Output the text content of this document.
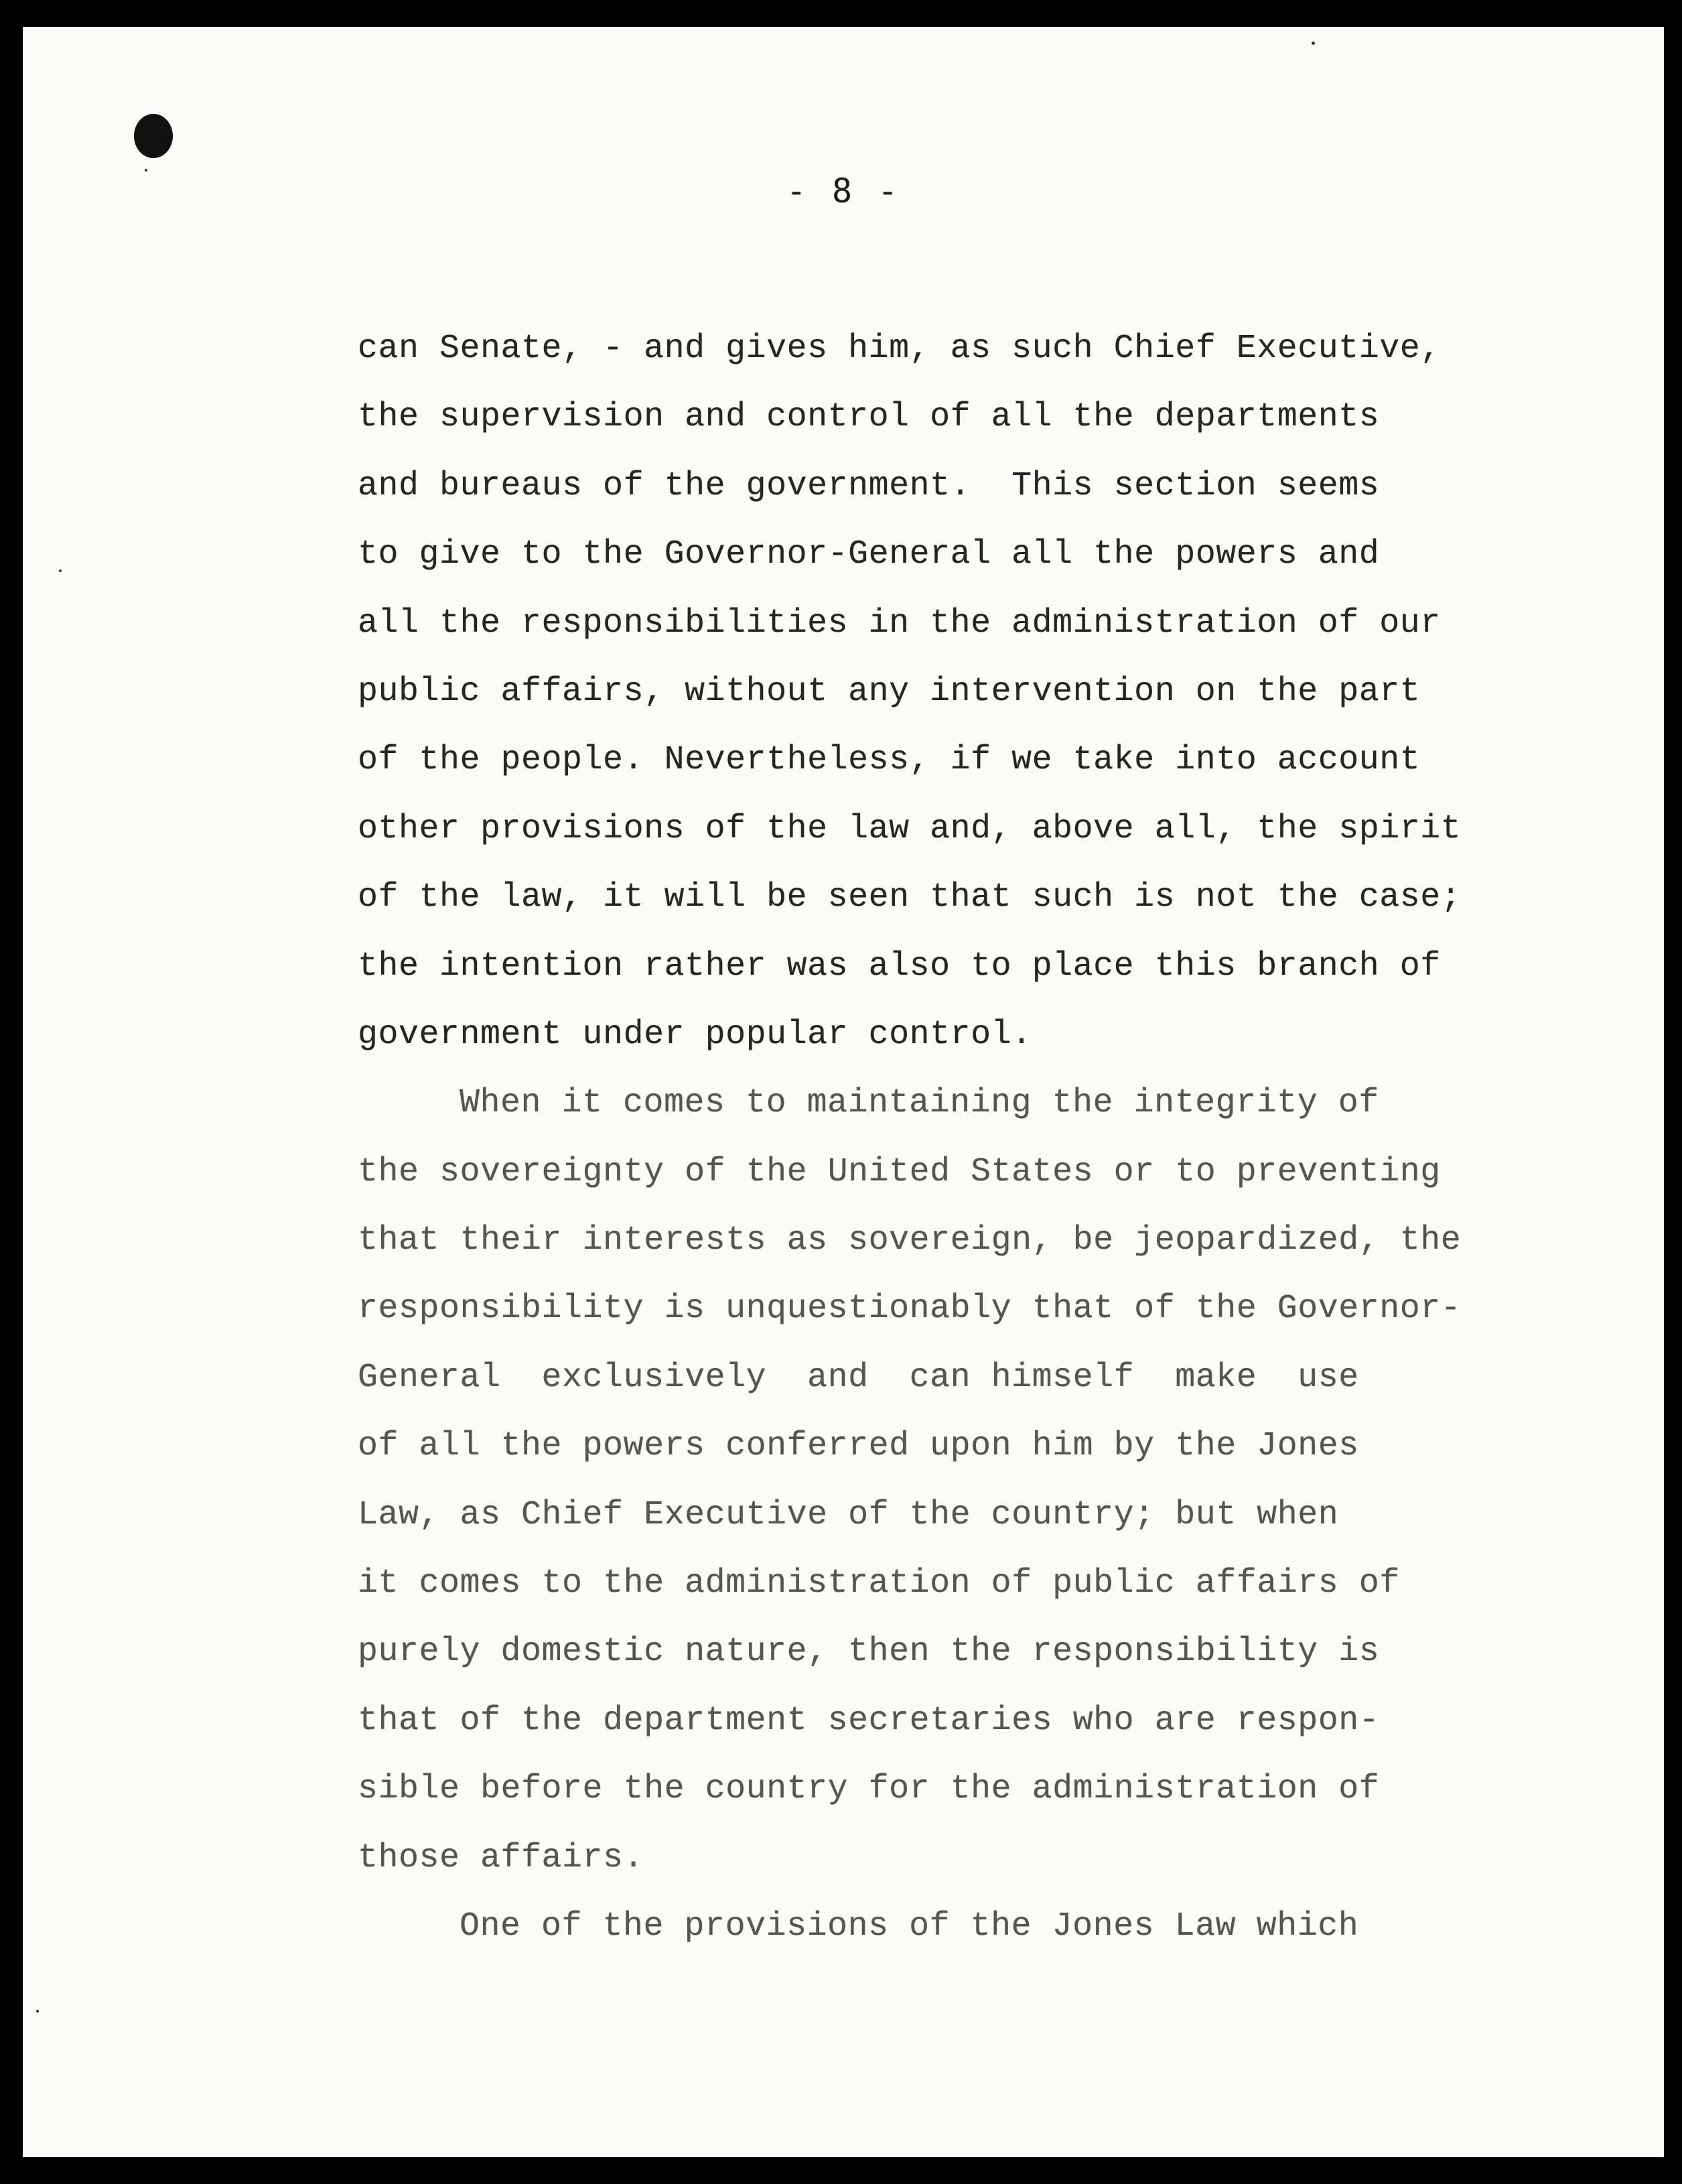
- 8 -
can Senate, - and gives him, as such Chief Executive,
the supervision and control of all the departments
and bureaus of the government.  This section seems
to give to the Governor-General all the powers and
all the responsibilities in the administration of our
public affairs, without any intervention on the part
of the people. Nevertheless, if we take into account
other provisions of the law and, above all, the spirit
of the law, it will be seen that such is not the case;
the intention rather was also to place this branch of
government under popular control.
When it comes to maintaining the integrity of
the sovereignty of the United States or to preventing
that their interests as sovereign, be jeopardized, the
responsibility is unquestionably that of the Governor-
General  exclusively  and  can himself  make  use
of all the powers conferred upon him by the Jones
Law, as Chief Executive of the country; but when
it comes to the administration of public affairs of
purely domestic nature, then the responsibility is
that of the department secretaries who are respon-
sible before the country for the administration of
those affairs.
One of the provisions of the Jones Law which
